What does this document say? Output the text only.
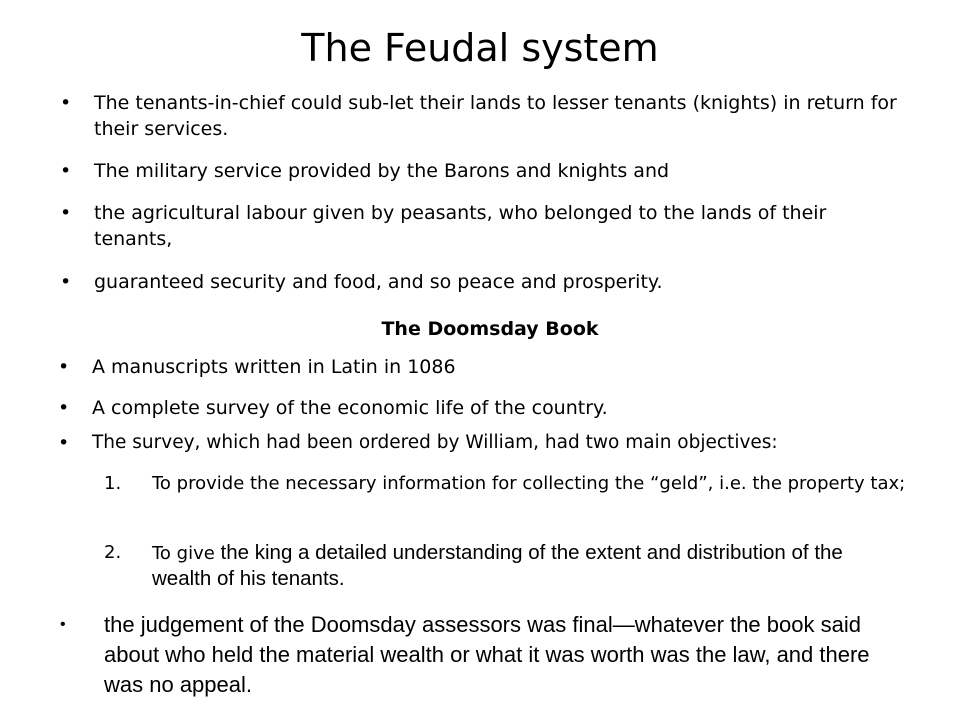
The Feudal system
• The tenants-in-chief could sub-let their lands to lesser tenants (knights) in return for their services.
• The military service provided by the Barons and knights and
• the agricultural labour given by peasants, who belonged to the lands of their tenants,
• guaranteed security and food, and so peace and prosperity.
The Doomsday Book
• A manuscripts written in Latin in 1086
• A complete survey of the economic life of the country.
• The survey, which had been ordered by William, had two main objectives:
1. To provide the necessary information for collecting the “geld”, i.e. the property tax;
2. To give the king a detailed understanding of the extent and distribution of the wealth of his tenants.
• the judgement of the Doomsday assessors was final—whatever the book said about who held the material wealth or what it was worth was the law, and there was no appeal.
